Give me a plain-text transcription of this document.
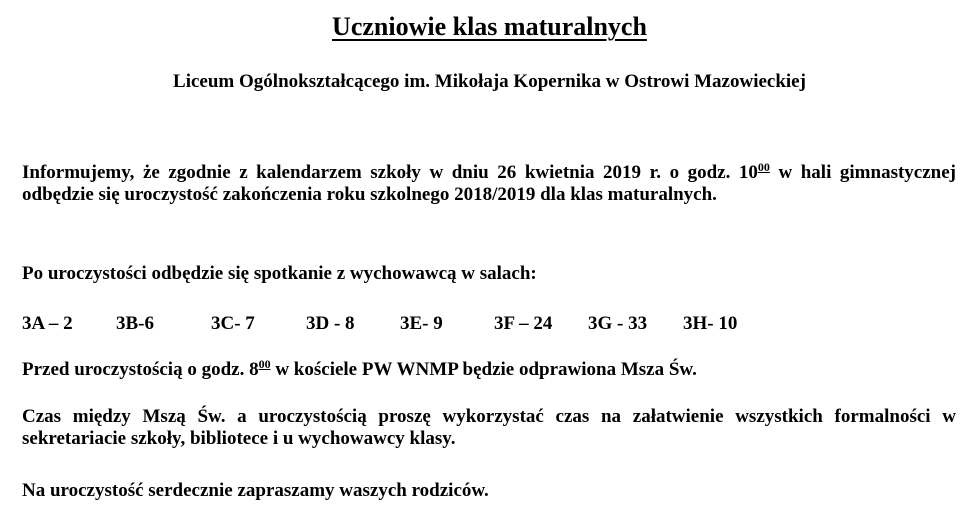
Uczniowie klas maturalnych

Liceum Ogólnokształcącego im. Mikołaja Kopernika w Ostrowi Mazowieckiej

Informujemy, że zgodnie z kalendarzem szkoły w dniu 26 kwietnia 2019 r. o godz. $10^{00}$ w hali gimnastycznej odbędzie się uroczystość zakończenia roku szkolnego 2018/2019 dla klas maturalnych.

Po uroczystości odbędzie się spotkanie z wychowawcą w salach:

3A – 2 3B-6	3C- 7	3D - 8 3E- 9	3F – 24 3G - 33 3H- 10

Przed uroczystością o godz. $8^{00}$ w kościele PW WNMP będzie odprawiona Msza Św.

Czas między Mszą Św. a uroczystością proszę wykorzystać czas na załatwienie wszystkich formalności w sekretariacie szkoły, bibliotece i u wychowawcy klasy.

Na uroczystość serdecznie zapraszamy waszych rodziców.
